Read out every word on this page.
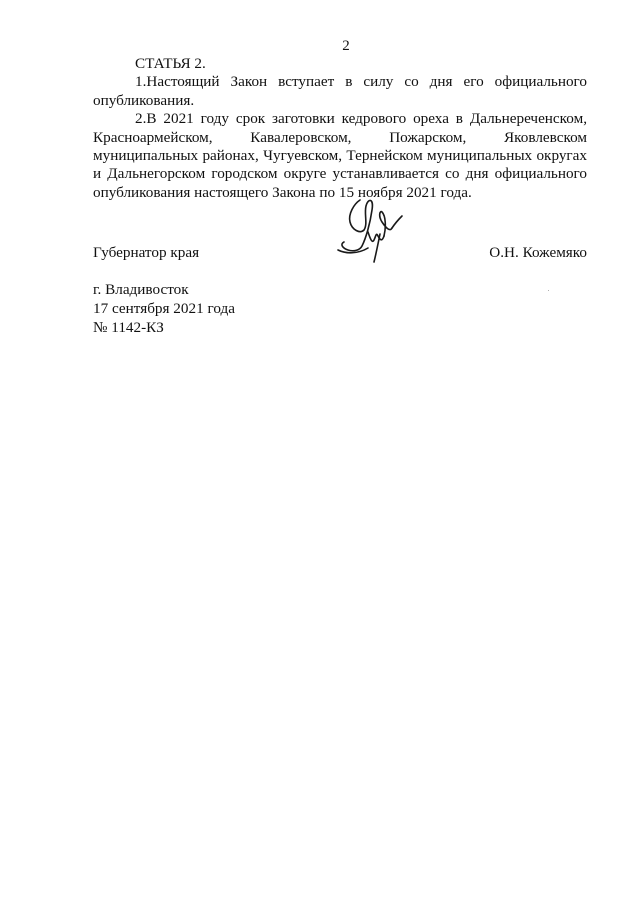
2

СТАТЬЯ 2.

1.Настоящий Закон вступает в силу со дня его официального опубликования.

2.В 2021 году срок заготовки кедрового ореха в Дальнереченском, Красноармейском, Кавалеровском, Пожарском, Яковлевском муниципальных районах, Чугуевском, Тернейском муниципальных округах и Дальнегорском городском округе устанавливается со дня официального опубликования настоящего Закона по 15 ноября 2021 года.

Губернатор края	О.Н. Кожемяко
г. Владивосток
17 сентября 2021 года
№ 1142-КЗ
